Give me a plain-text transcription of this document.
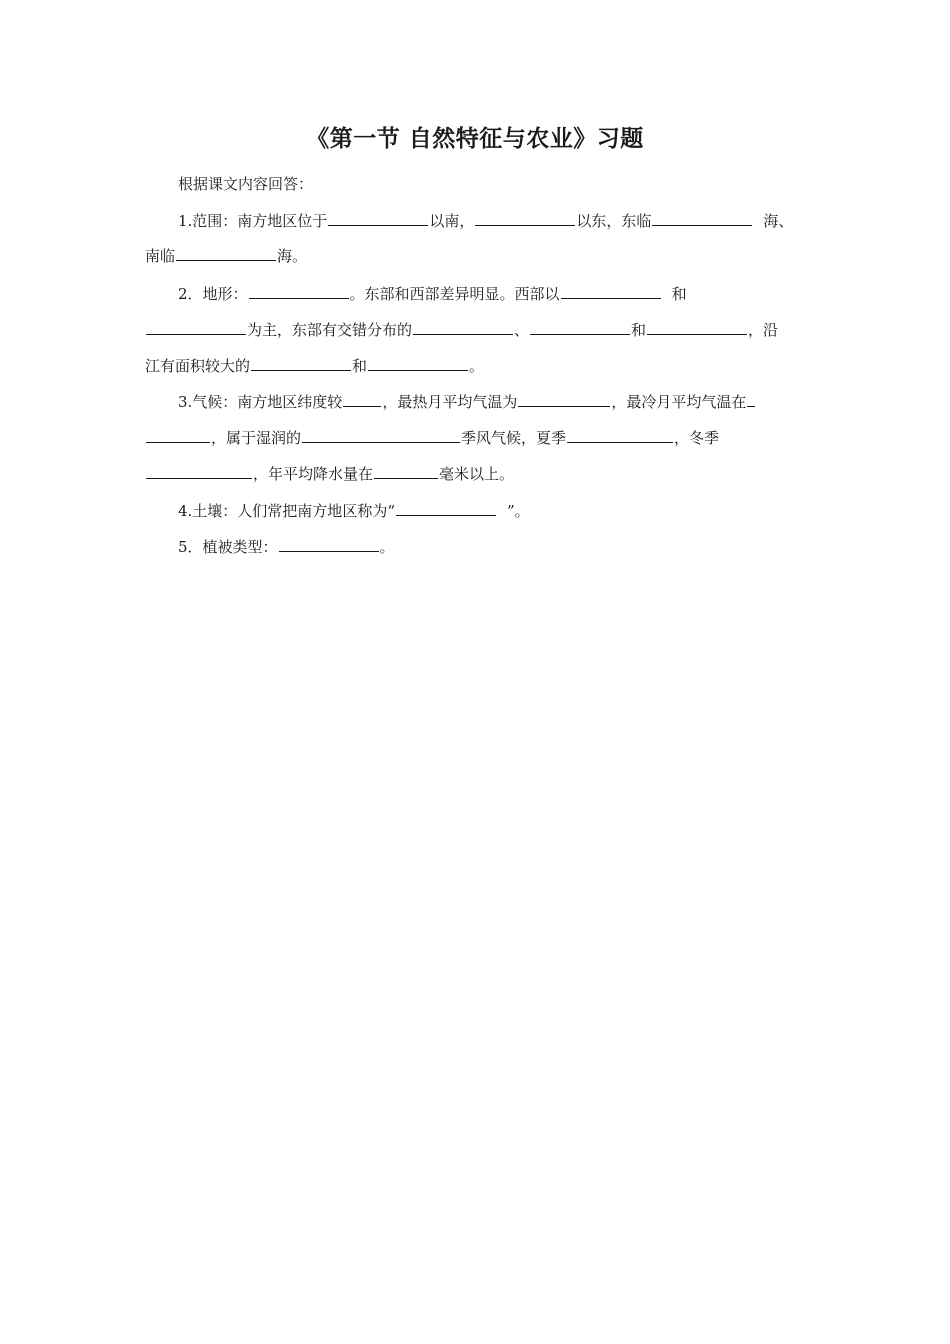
《第一节 自然特征与农业》习题
根据课文内容回答：
1.范围：南方地区位于	以南，	以东，东临	海、
南临	海。
2．地形：	。东部和西部差异明显。西部以	和
为主，东部有交错分布的	、	和	，沿
江有面积较大的	和	。
3.气候：南方地区纬度较	，最热月平均气温为	，最冷月平均气温在
，属于湿润的	季风气候，夏季	，冬季
，年平均降水量在	毫米以上。
4.土壤：人们常把南方地区称为“	”。
5．植被类型：	。
